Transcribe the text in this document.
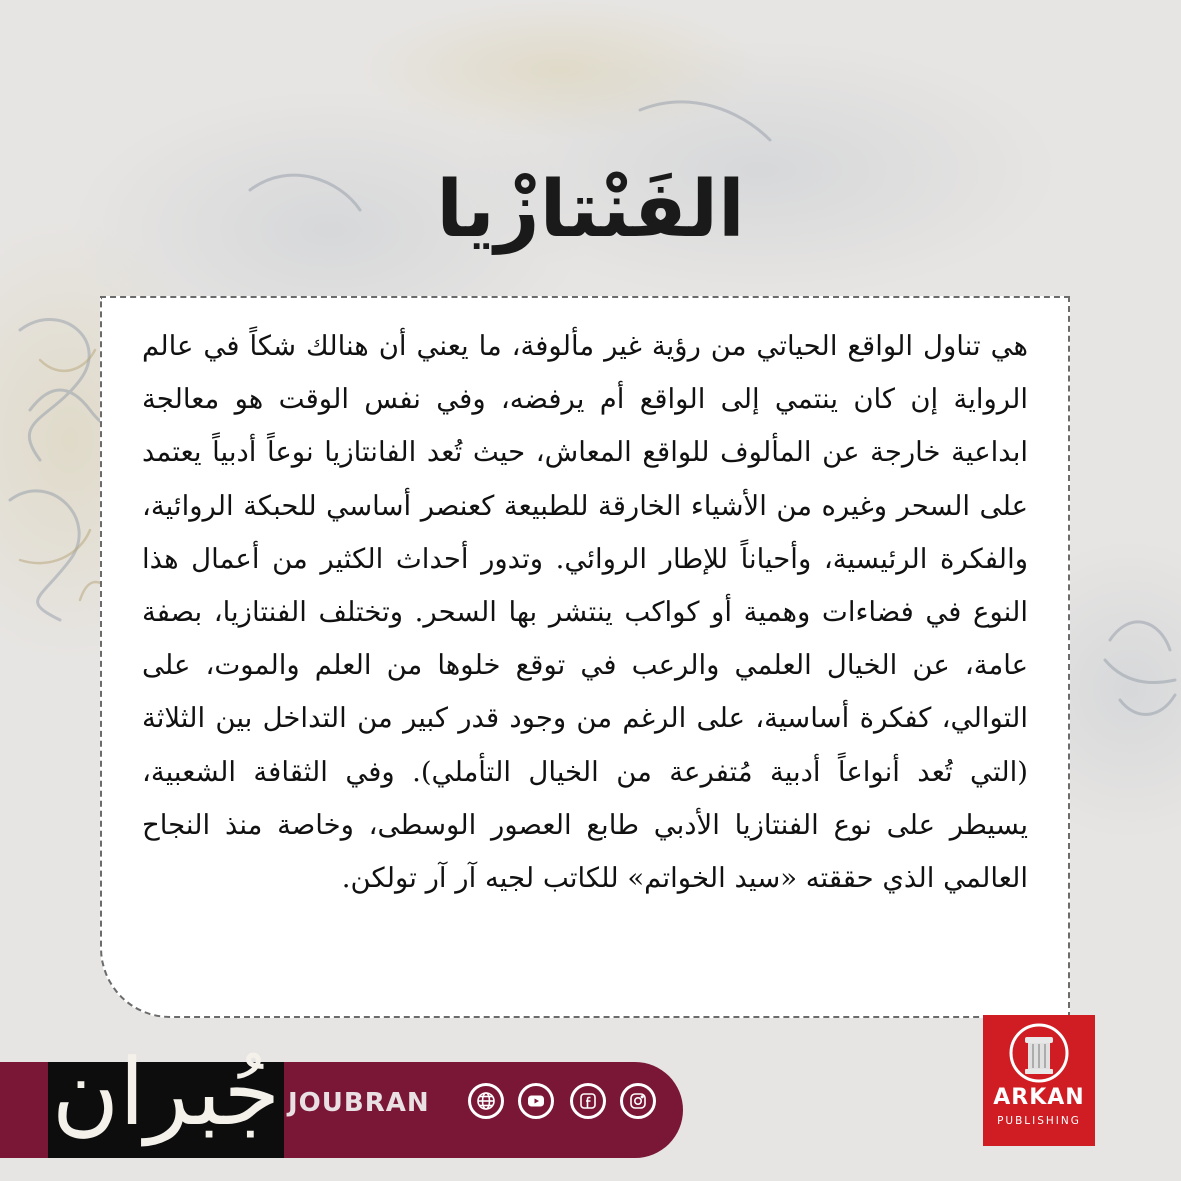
الفَنْتازْيا

هي تناول الواقع الحياتي من رؤية غير مألوفة، ما يعني أن هنالك شكاً في عالم الرواية إن كان ينتمي إلى الواقع أم يرفضه، وفي نفس الوقت هو معالجة ابداعية خارجة عن المألوف للواقع المعاش، حيث تُعد الفانتازيا نوعاً أدبياً يعتمد على السحر وغيره من الأشياء الخارقة للطبيعة كعنصر أساسي للحبكة الروائية، والفكرة الرئيسية، وأحياناً للإطار الروائي. وتدور أحداث الكثير من أعمال هذا النوع في فضاءات وهمية أو كواكب ينتشر بها السحر. وتختلف الفنتازيا، بصفة عامة، عن الخيال العلمي والرعب في توقع خلوها من العلم والموت، على التوالي، كفكرة أساسية، على الرغم من وجود قدر كبير من التداخل بين الثلاثة (التي تُعد أنواعاً أدبية مُتفرعة من الخيال التأملي). وفي الثقافة الشعبية، يسيطر على نوع الفنتازيا الأدبي طابع العصور الوسطى، وخاصة منذ النجاح العالمي الذي حققته «سيد الخواتم» للكاتب لجيه آر آر تولكن.

جُبران JOUBRAN	ARKAN
PUBLISHING
